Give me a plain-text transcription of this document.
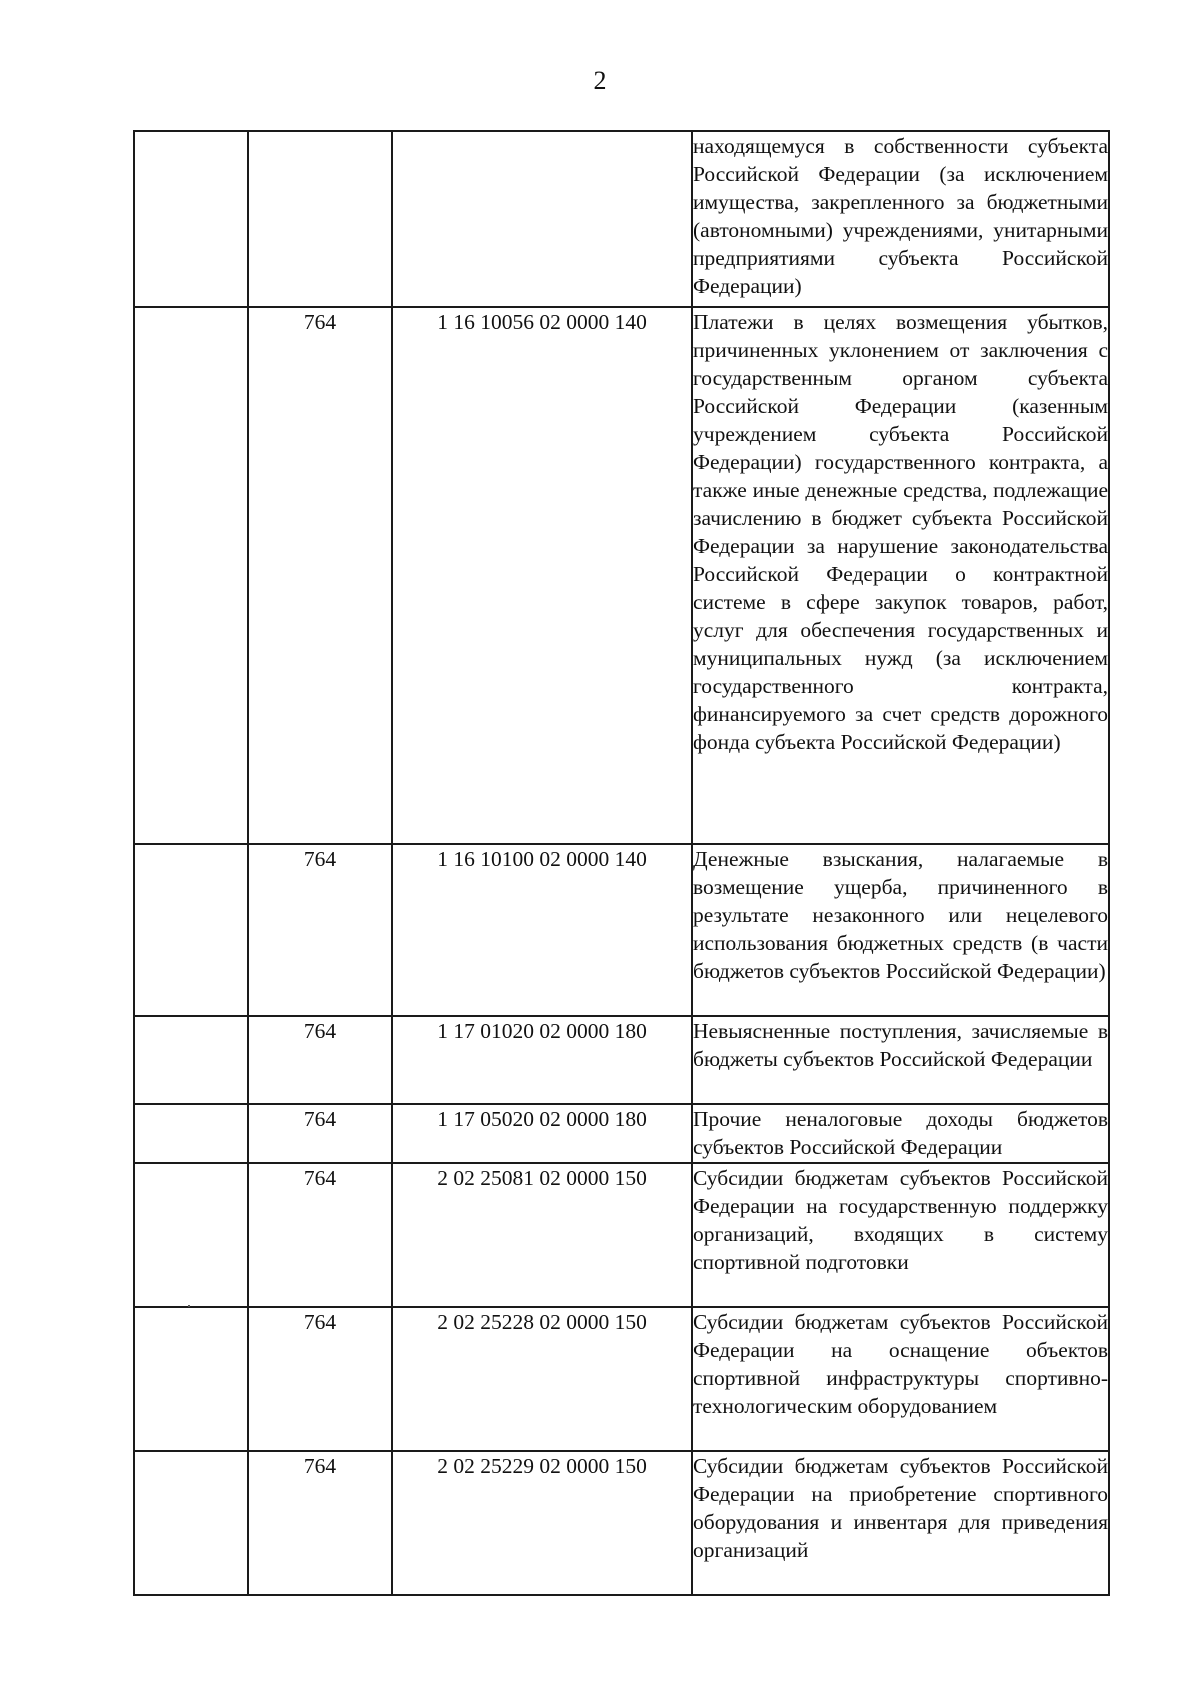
2

			находящемуся в собственности субъекта Российской Федерации (за исключением имущества, закрепленного за бюджетными (автономными) учреждениями, унитарными предприятиями субъекта Российской Федерации)

	764	1 16 10056 02 0000 140	Платежи в целях возмещения убытков, причиненных уклонением от заключения с государственным органом субъекта Российской Федерации (казенным учреждением субъекта Российской Федерации) государственного контракта, а также иные денежные средства, подлежащие зачислению в бюджет субъекта Российской Федерации за нарушение законодательства Российской Федерации о контрактной системе в сфере закупок товаров, работ, услуг для обеспечения государственных и муниципальных нужд (за исключением государственного контракта, финансируемого за счет средств дорожного фонда субъекта Российской Федерации)

	764	1 16 10100 02 0000 140	Денежные взыскания, налагаемые в возмещение ущерба, причиненного в результате незаконного или нецелевого использования бюджетных средств (в части бюджетов субъектов Российской Федерации)

	764	1 17 01020 02 0000 180	Невыясненные поступления, зачисляемые в бюджеты субъектов Российской Федерации

	764	1 17 05020 02 0000 180	Прочие неналоговые доходы бюджетов субъектов Российской Федерации

	764	2 02 25081 02 0000 150	Субсидии бюджетам субъектов Российской Федерации на государственную поддержку организаций, входящих в систему спортивной подготовки

	764	2 02 25228 02 0000 150	Субсидии бюджетам субъектов Российской Федерации на оснащение объектов спортивной инфраструктуры спортивно-технологическим оборудованием

	764	2 02 25229 02 0000 150	Субсидии бюджетам субъектов Российской Федерации на приобретение спортивного оборудования и инвентаря для приведения организаций
